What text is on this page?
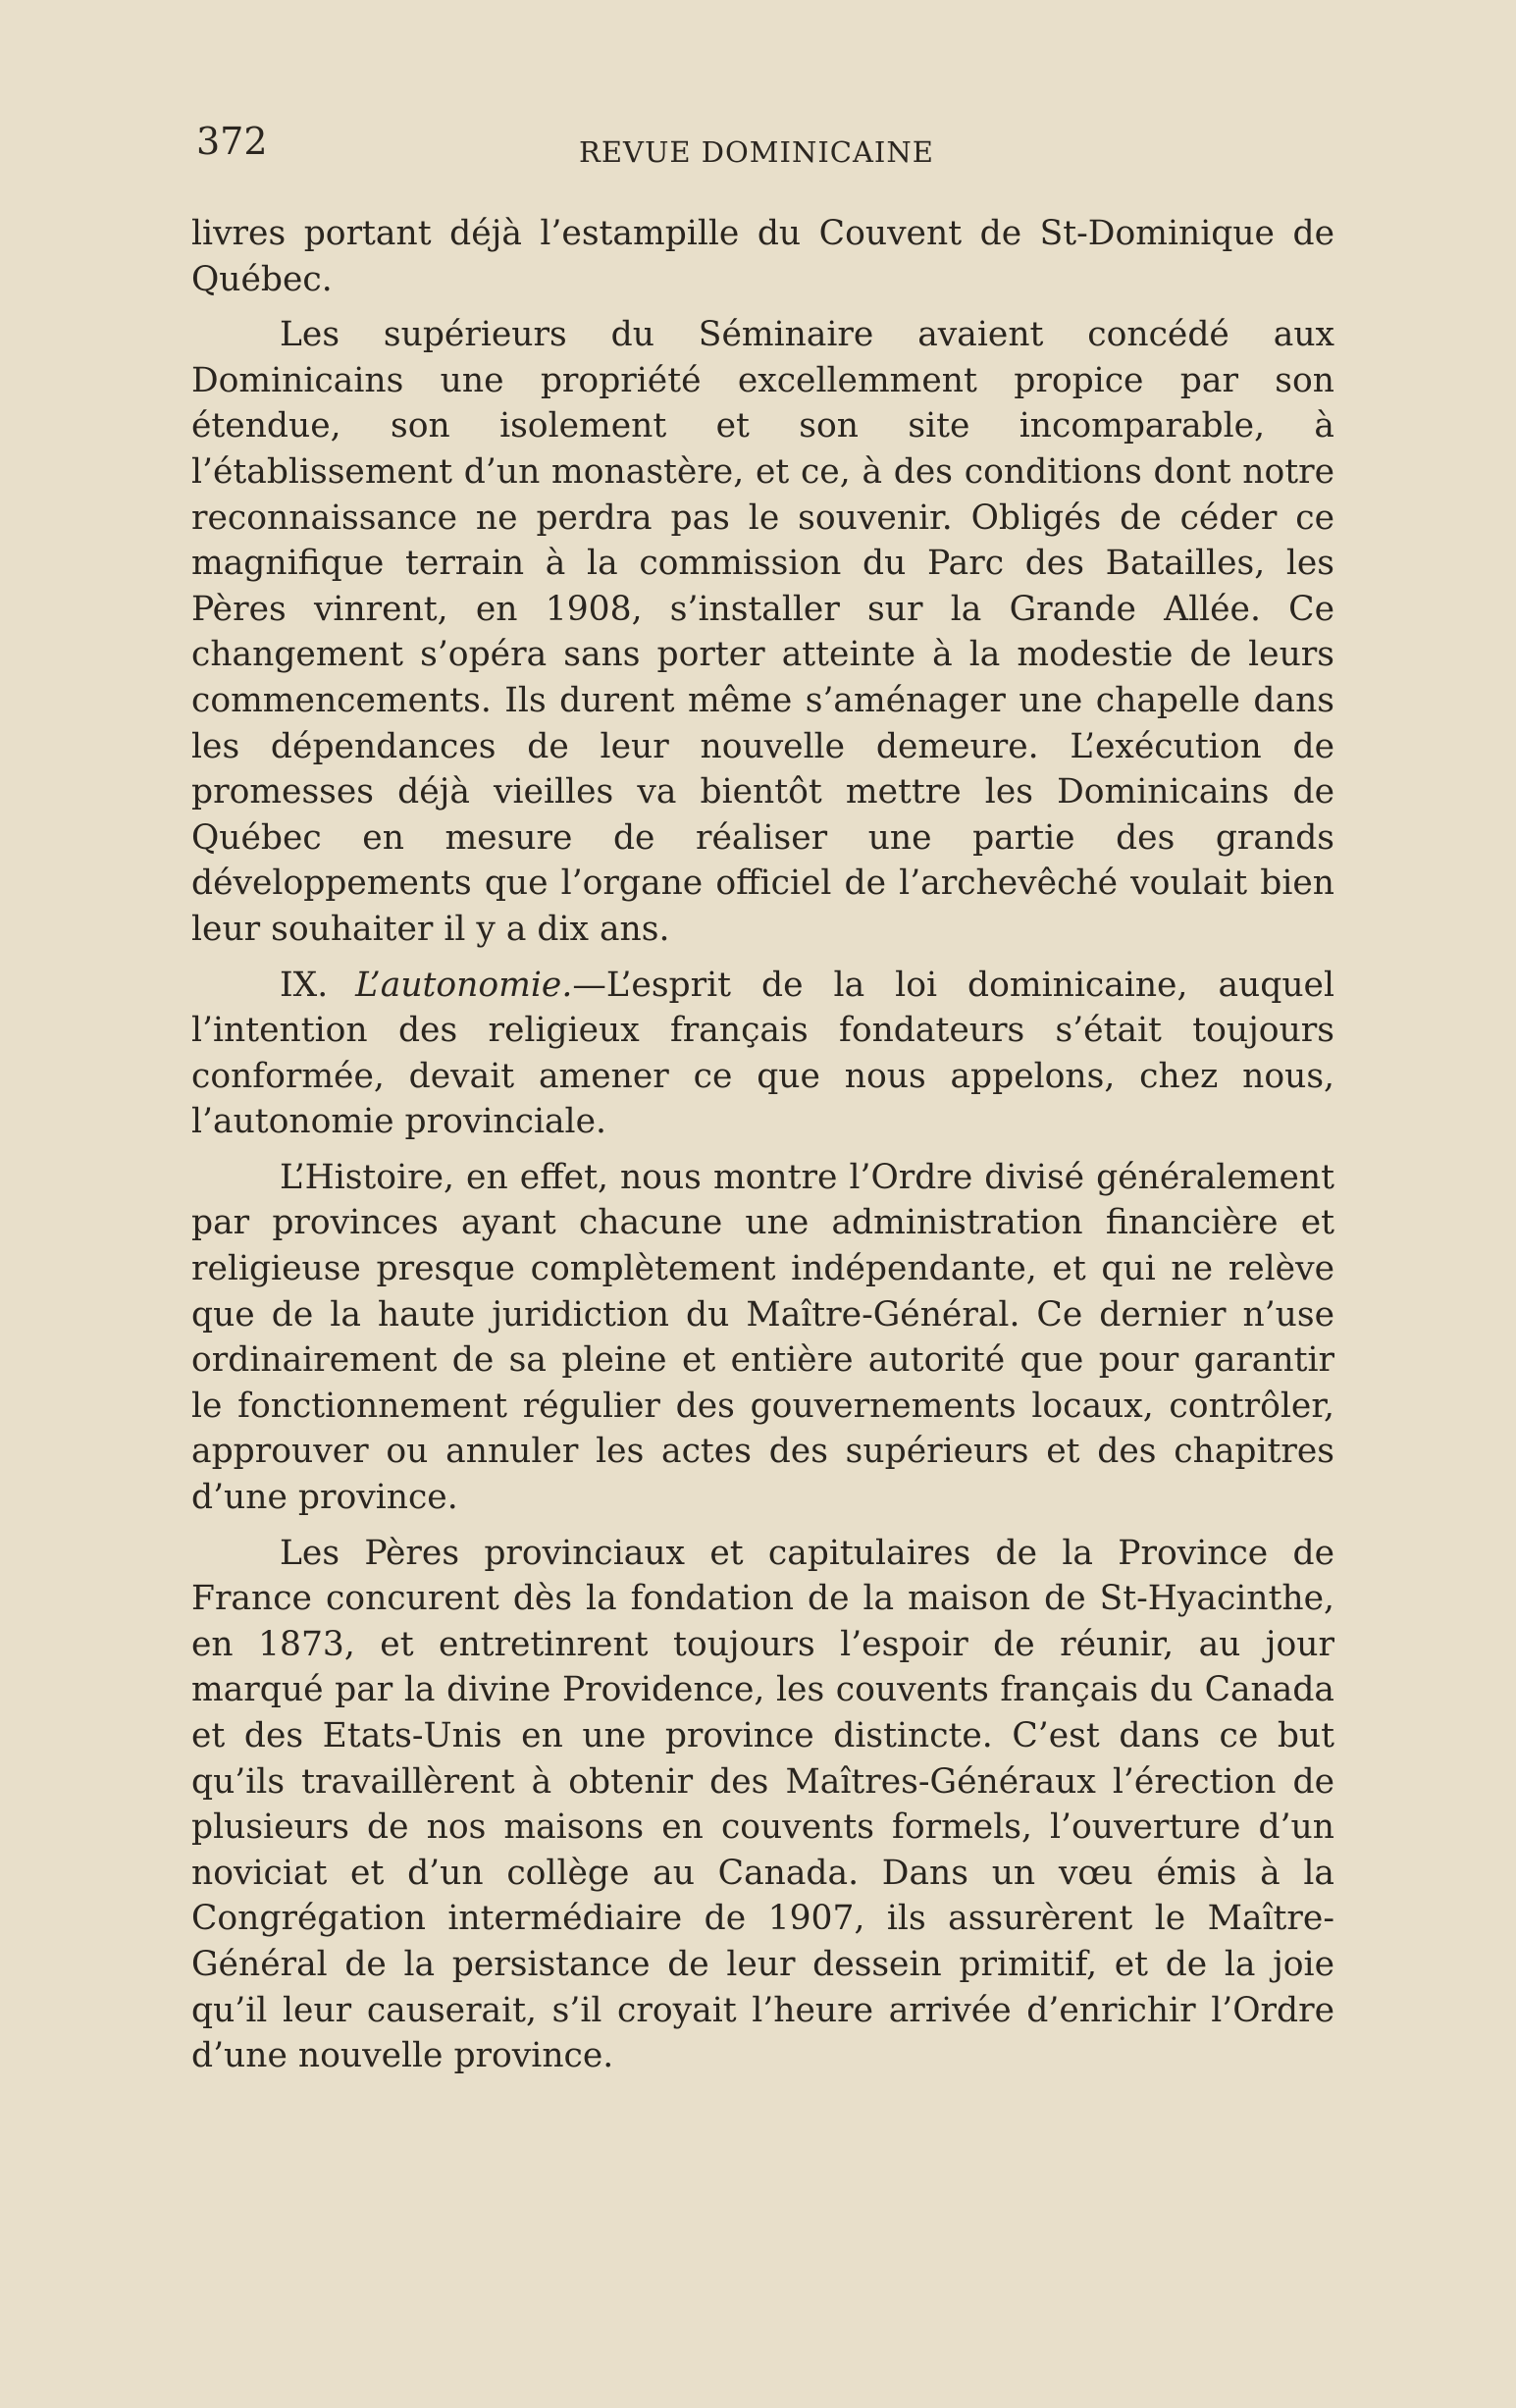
372	REVUE DOMINICAINE

livres portant déjà l’estampille du Couvent de St-Dominique de Québec.

Les supérieurs du Séminaire avaient concédé aux Dominicains une propriété excellemment propice par son étendue, son isolement et son site incomparable, à l’établissement d’un monastère, et ce, à des conditions dont notre reconnaissance ne perdra pas le souvenir. Obligés de céder ce magnifique terrain à la commission du Parc des Batailles, les Pères vinrent, en 1908, s’installer sur la Grande Allée. Ce changement s’opéra sans porter atteinte à la modestie de leurs commencements. Ils durent même s’aménager une chapelle dans les dépendances de leur nouvelle demeure. L’exécution de promesses déjà vieilles va bientôt mettre les Dominicains de Québec en mesure de réaliser une partie des grands développements que l’organe officiel de l’archevêché voulait bien leur souhaiter il y a dix ans.

IX. L’autonomie.—L’esprit de la loi dominicaine, auquel l’intention des religieux français fondateurs s’était toujours conformée, devait amener ce que nous appelons, chez nous, l’autonomie provinciale.

L’Histoire, en effet, nous montre l’Ordre divisé généralement par provinces ayant chacune une administration financière et religieuse presque complètement indépendante, et qui ne relève que de la haute juridiction du Maître-Général. Ce dernier n’use ordinairement de sa pleine et entière autorité que pour garantir le fonctionnement régulier des gouvernements locaux, contrôler, approuver ou annuler les actes des supérieurs et des chapitres d’une province.

Les Pères provinciaux et capitulaires de la Province de France concurent dès la fondation de la maison de St-Hyacinthe, en 1873, et entretinrent toujours l’espoir de réunir, au jour marqué par la divine Providence, les couvents français du Canada et des Etats-Unis en une province distincte. C’est dans ce but qu’ils travaillèrent à obtenir des Maîtres-Généraux l’érection de plusieurs de nos maisons en couvents formels, l’ouverture d’un noviciat et d’un collège au Canada. Dans un vœu émis à la Congrégation intermédiaire de 1907, ils assurèrent le Maître-Général de la persistance de leur dessein primitif, et de la joie qu’il leur causerait, s’il croyait l’heure arrivée d’enrichir l’Ordre d’une nouvelle province.
